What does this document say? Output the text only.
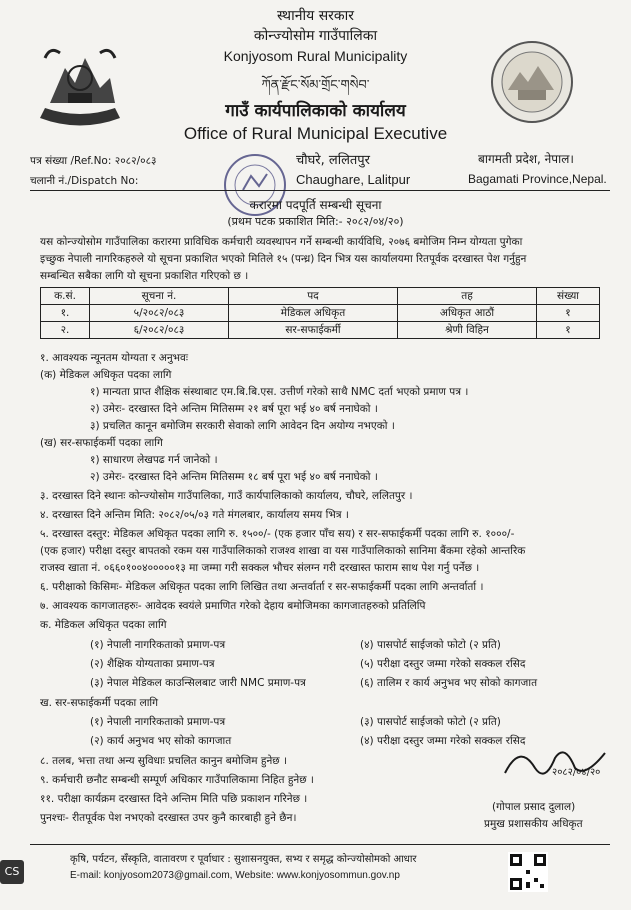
स्थानीय सरकार
कोन्ज्योसोम गाउँपालिका
Konjyosom Rural Municipality
ཀོན་རྫོང་སོམ་གྲོང་གསེབ་
गाउँ कार्यपालिकाको कार्यालय
Office of Rural Municipal Executive
पत्र संख्या /Ref.No: २०८२/०८३
चलानी नं./Dispatch No:
चौघरे, ललितपुर
Chaughare, Lalitpur
बागमती प्रदेश, नेपाल।
Bagamati Province,Nepal.
करारमा पदपूर्ति सम्बन्धी सूचना
(प्रथम पटक प्रकाशित मिति:- २०८२/०४/२०)
यस कोन्ज्योसोम गाउँपालिका करारमा प्राविधिक कर्मचारी व्यवस्थापन गर्ने सम्बन्धी कार्यविधि, २०७६ बमोजिम निम्न योग्यता पुगेका
इच्छुक नेपाली नागरिकहरुले यो सूचना प्रकाशित भएको मितिले १५ (पन्ध्र) दिन भित्र यस कार्यालयमा रितपूर्वक दरखास्त पेश गर्नुहुन
सम्बन्धित सबैका लागि यो सूचना प्रकाशित गरिएको छ ।
क.सं.	सूचना नं.	पद	तह	संख्या
१.	५/२०८२/०८३	मेडिकल अधिकृत	अधिकृत आठौं	१
२.	६/२०८२/०८३	सर-सफाईकर्मी	श्रेणी विहिन	१
१. आवश्यक न्यूनतम योग्यता र अनुभवः
(क) मेडिकल अधिकृत पदका लागि
१) मान्यता प्राप्त शैक्षिक संस्थाबाट एम.बि.बि.एस. उत्तीर्ण गरेको साथै NMC दर्ता भएको प्रमाण पत्र ।
२) उमेरः- दरखास्त दिने अन्तिम मितिसम्म २१ बर्ष पूरा भई ४० बर्ष ननाघेको ।
३) प्रचलित कानून बमोजिम सरकारी सेवाको लागि आवेदन दिन अयोग्य नभएको ।
(ख) सर-सफाईकर्मी पदका लागि
१) साधारण लेखपढ गर्न जानेको ।
२) उमेरः- दरखास्त दिने अन्तिम मितिसम्म १८ बर्ष पूरा भई ४० बर्ष ननाघेको ।
३. दरखास्त दिने स्थानः कोन्ज्योसोम गाउँपालिका, गाउँ कार्यपालिकाको कार्यालय, चौघरे, ललितपुर ।
४. दरखास्त दिने अन्तिम मिति: २०८२/०५/०३ गते मंगलबार, कार्यालय समय भित्र ।
५. दरखास्त दस्तुर: मेडिकल अधिकृत पदका लागि रु. १५००/- (एक हजार पाँच सय) र सर-सफाईकर्मी पदका लागि रु. १०००/-
(एक हजार) परीक्षा दस्तुर बापतको रकम यस गाउँपालिकाको राजश्व शाखा वा यस गाउँपालिकाको सानिमा बैंकमा रहेको आन्तरिक
राजस्व खाता नं. ०६६०१००४०००००१३ मा जम्मा गरी सक्कल भौचर संलग्न गरी दरखास्त फाराम साथ पेश गर्नु पर्नेछ ।
६. परीक्षाको किसिमः- मेडिकल अधिकृत पदका लागि लिखित तथा अन्तर्वार्ता र सर-सफाईकर्मी पदका लागि अन्तर्वार्ता ।
७. आवश्यक कागजातहरुः- आवेदक स्वयंले प्रमाणित गरेको देहाय बमोजिमका कागजातहरुको प्रतिलिपि
क. मेडिकल अधिकृत पदका लागि
(१) नेपाली नागरिकताको प्रमाण-पत्र	(४) पासपोर्ट साईजको फोटो (२ प्रति)
(२) शैक्षिक योग्यताका प्रमाण-पत्र	(५) परीक्षा दस्तुर जम्मा गरेको सक्कल रसिद
(३) नेपाल मेडिकल काउन्सिलबाट जारी NMC प्रमाण-पत्र	(६) तालिम र कार्य अनुभव भए सोको कागजात
ख. सर-सफाईकर्मी पदका लागि
(१) नेपाली नागरिकताको प्रमाण-पत्र	(३) पासपोर्ट साईजको फोटो (२ प्रति)
(२) कार्य अनुभव भए सोको कागजात	(४) परीक्षा दस्तुर जम्मा गरेको सक्कल रसिद
८. तलब, भत्ता तथा अन्य सुविधाः प्रचलित कानुन बमोजिम हुनेछ ।
९. कर्मचारी छनौट सम्बन्धी सम्पूर्ण अधिकार गाउँपालिकामा निहित हुनेछ ।
११. परीक्षा कार्यक्रम दरखास्त दिने अन्तिम मिति पछि प्रकाशन गरिनेछ ।
पुनश्चः- रीतपूर्वक पेश नभएको दरखास्त उपर कुनै कारबाही हुने छैन।
२०८२/०४/२०
(गोपाल प्रसाद दुलाल)
प्रमुख प्रशासकीय अधिकृत
कृषि, पर्यटन, सँस्कृति, वातावरण र पूर्वाधार : सुशासनयुक्त, सभ्य र समृद्ध कोन्ज्योसोमको आधार
E-mail: konjyosom2073@gmail.com, Website: www.konjyosommun.gov.np
CS
